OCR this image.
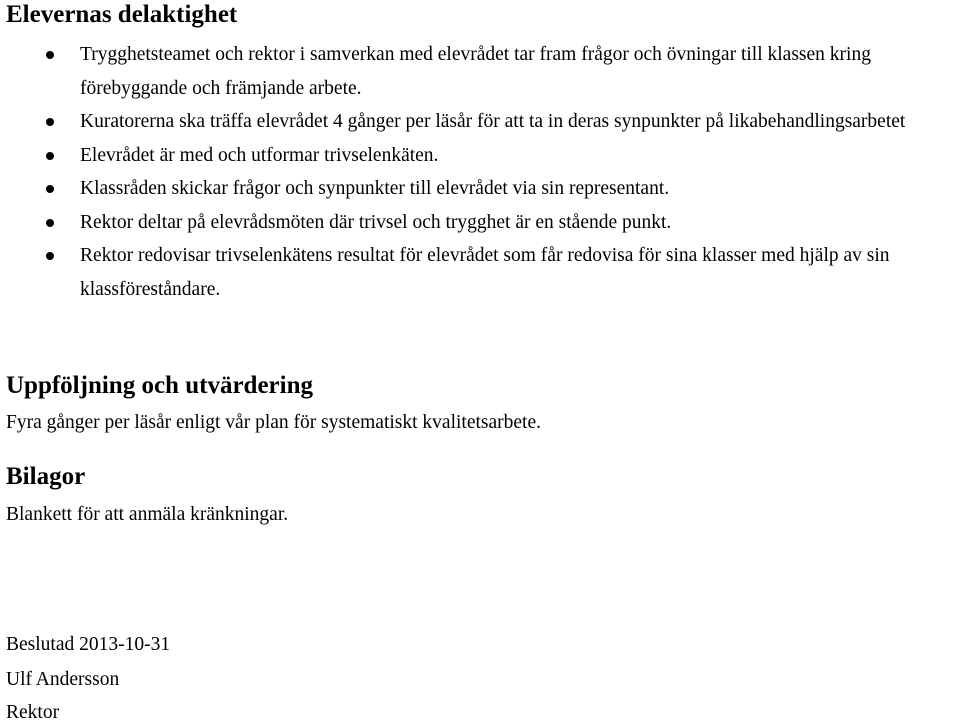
Elevernas delaktighet
Trygghetsteamet och rektor i samverkan med elevrådet tar fram frågor och övningar till klassen kring förebyggande och främjande arbete.
Kuratorerna ska träffa elevrådet 4 gånger per läsår för att ta in deras synpunkter på likabehandlingsarbetet
Elevrådet är med och utformar trivselenkäten.
Klassråden skickar frågor och synpunkter till elevrådet via sin representant.
Rektor deltar på elevrådsmöten där trivsel och trygghet är en stående punkt.
Rektor redovisar trivselenkätens resultat för elevrådet som får redovisa för sina klasser med hjälp av sin klassföreståndare.
Uppföljning och utvärdering

Fyra gånger per läsår enligt vår plan för systematiskt kvalitetsarbete.

Bilagor

Blankett för att anmäla kränkningar.

Beslutad 2013-10-31

Ulf Andersson

Rektor
